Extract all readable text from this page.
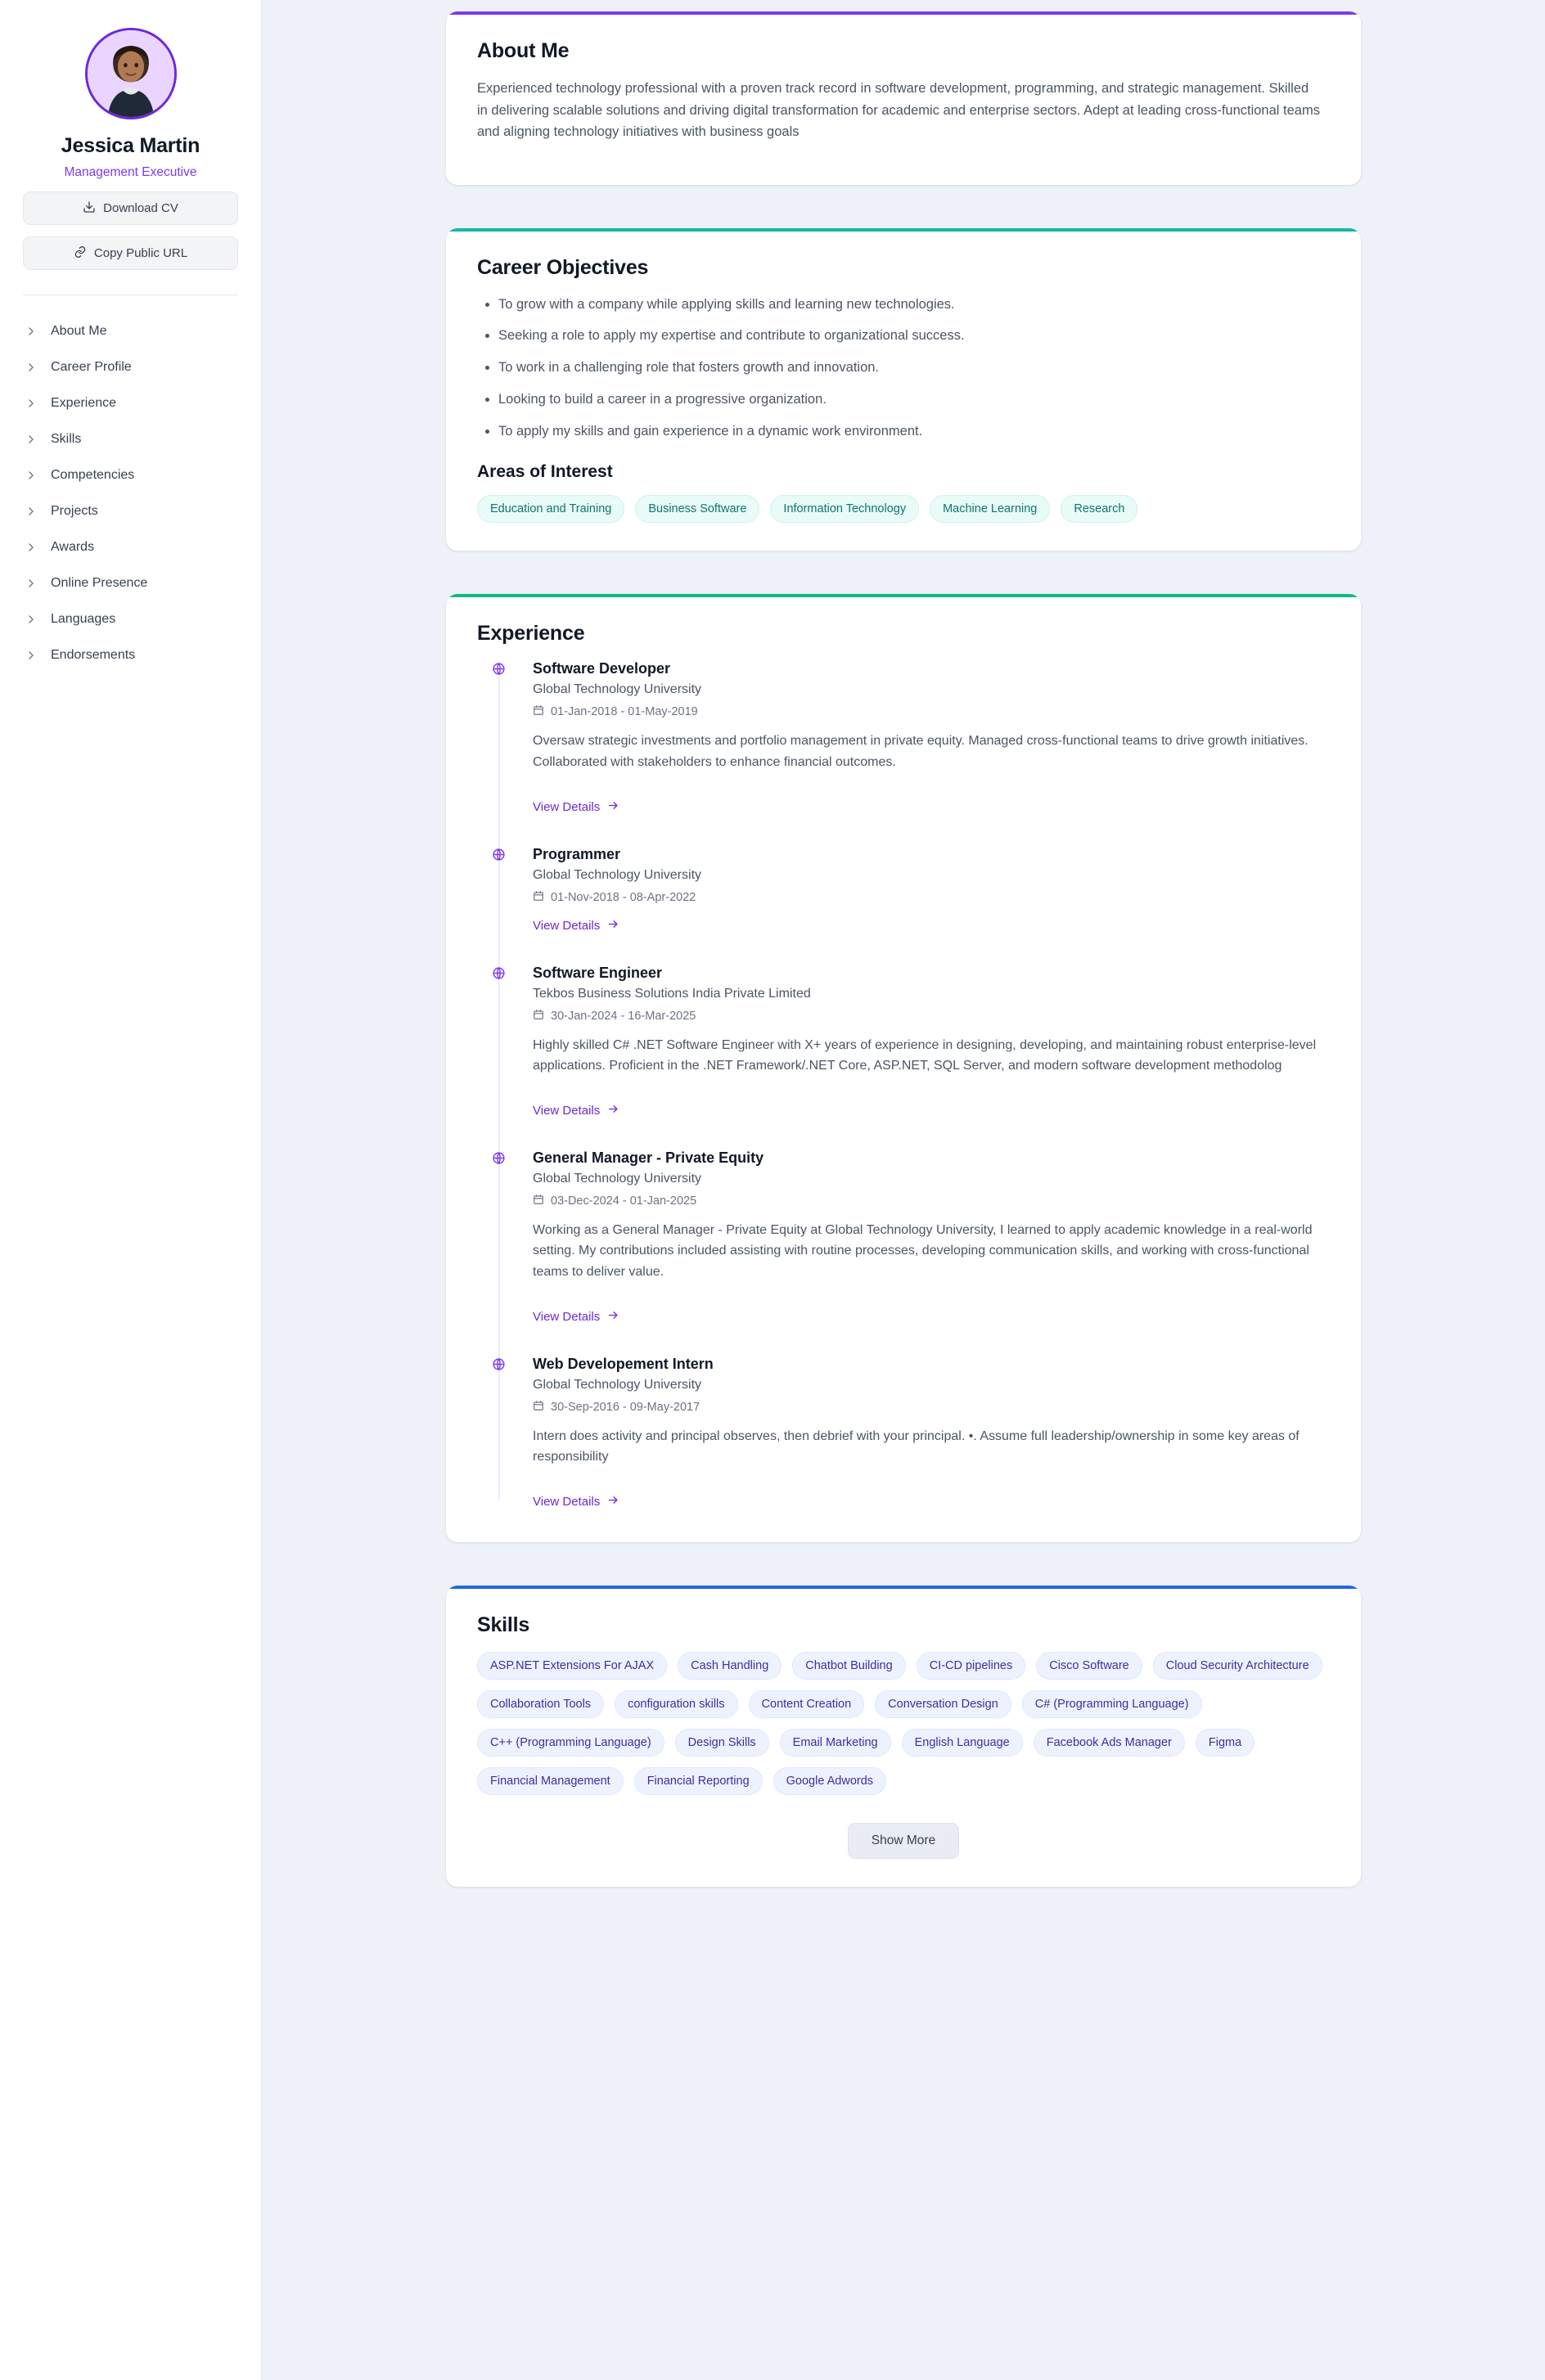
Jessica Martin
Management Executive
Download CV
Copy Public URL
About Me
Career Profile
Experience
Skills
Competencies
Projects
Awards
Online Presence
Languages
Endorsements
About Me

Experienced technology professional with a proven track record in software development, programming, and strategic management. Skilled in delivering scalable solutions and driving digital transformation for academic and enterprise sectors. Adept at leading cross-functional teams and aligning technology initiatives with business goals

Career Objectives
• To grow with a company while applying skills and learning new technologies.
• Seeking a role to apply my expertise and contribute to organizational success.
• To work in a challenging role that fosters growth and innovation.
• Looking to build a career in a progressive organization.
• To apply my skills and gain experience in a dynamic work environment.
Areas of Interest
Education and Training	Business Software	Information Technology	Machine Learning	Research
Experience
Software Developer
Global Technology University
01-Jan-2018 - 01-May-2019

Oversaw strategic investments and portfolio management in private equity. Managed cross-functional teams to drive growth initiatives. Collaborated with stakeholders to enhance financial outcomes.

View Details
Programmer
Global Technology University
01-Nov-2018 - 08-Apr-2022
View Details
Software Engineer
Tekbos Business Solutions India Private Limited
30-Jan-2024 - 16-Mar-2025

Highly skilled C# .NET Software Engineer with X+ years of experience in designing, developing, and maintaining robust enterprise-level applications. Proficient in the .NET Framework/.NET Core, ASP.NET, SQL Server, and modern software development methodolog

View Details
General Manager - Private Equity
Global Technology University
03-Dec-2024 - 01-Jan-2025

Working as a General Manager - Private Equity at Global Technology University, I learned to apply academic knowledge in a real-world setting. My contributions included assisting with routine processes, developing communication skills, and working with cross-functional teams to deliver value.

View Details
Web Developement Intern
Global Technology University
30-Sep-2016 - 09-May-2017

Intern does activity and principal observes, then debrief with your principal. •. Assume full leadership/ownership in some key areas of responsibility

View Details
Skills
ASP.NET Extensions For AJAX	Cash Handling	Chatbot Building	CI-CD pipelines	Cisco Software	Cloud Security Architecture
Collaboration Tools	configuration skills	Content Creation	Conversation Design	C# (Programming Language)
C++ (Programming Language)	Design Skills	Email Marketing	English Language	Facebook Ads Manager	Figma
Financial Management	Financial Reporting	Google Adwords
Show More
